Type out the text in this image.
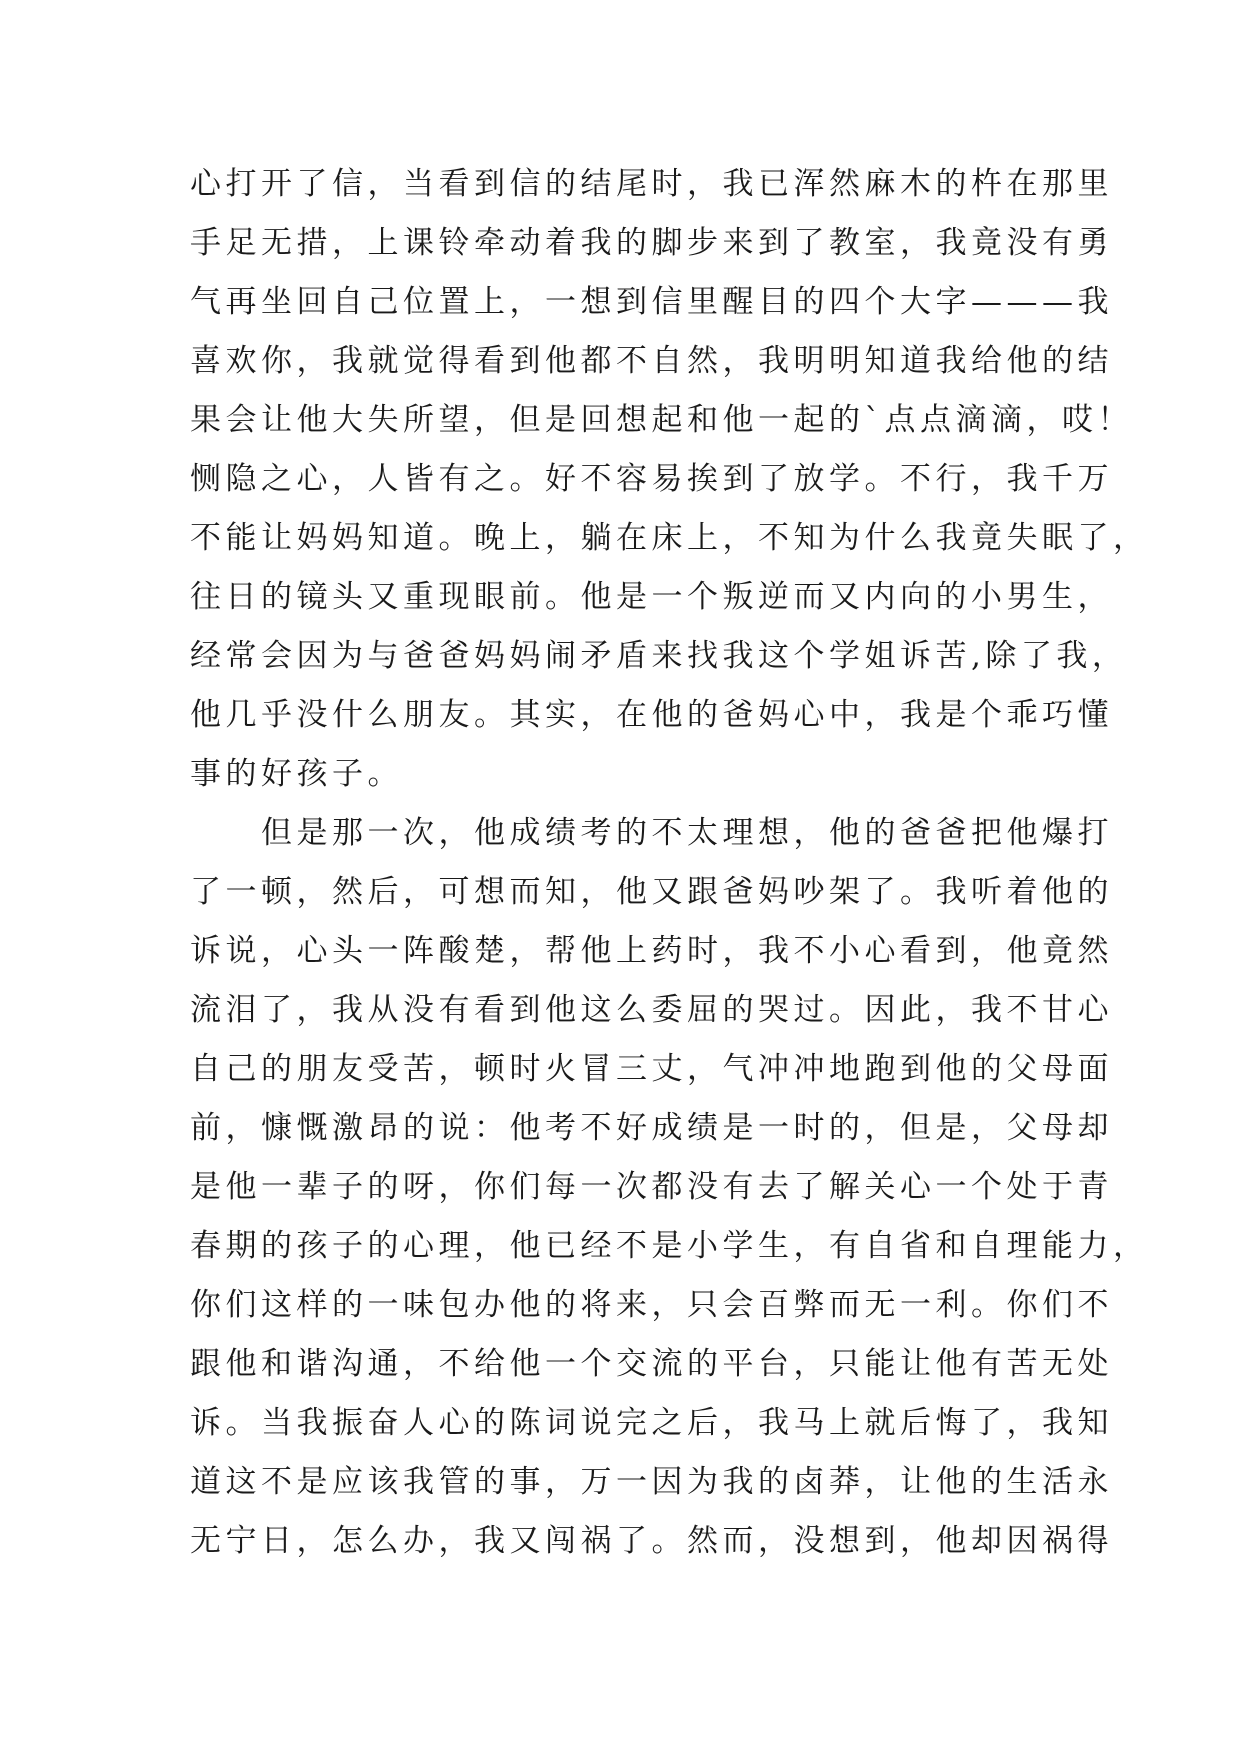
心打开了信，当看到信的结尾时，我已浑然麻木的杵在那里

手足无措，上课铃牵动着我的脚步来到了教室，我竟没有勇

气再坐回自己位置上，一想到信里醒目的四个大字———我

喜欢你，我就觉得看到他都不自然，我明明知道我给他的结

果会让他大失所望，但是回想起和他一起的`点点滴滴，哎！

恻隐之心，人皆有之。好不容易挨到了放学。不行，我千万

不能让妈妈知道。晚上，躺在床上，不知为什么我竟失眠了，

往日的镜头又重现眼前。他是一个叛逆而又内向的小男生，

经常会因为与爸爸妈妈闹矛盾来找我这个学姐诉苦,除了我，

他几乎没什么朋友。其实，在他的爸妈心中，我是个乖巧懂

事的好孩子。

　　但是那一次，他成绩考的不太理想，他的爸爸把他爆打

了一顿，然后，可想而知，他又跟爸妈吵架了。我听着他的

诉说，心头一阵酸楚，帮他上药时，我不小心看到，他竟然

流泪了，我从没有看到他这么委屈的哭过。因此，我不甘心

自己的朋友受苦，顿时火冒三丈，气冲冲地跑到他的父母面

前，慷慨激昂的说：他考不好成绩是一时的，但是，父母却

是他一辈子的呀，你们每一次都没有去了解关心一个处于青

春期的孩子的心理，他已经不是小学生，有自省和自理能力，

你们这样的一味包办他的将来，只会百弊而无一利。你们不

跟他和谐沟通，不给他一个交流的平台，只能让他有苦无处

诉。当我振奋人心的陈词说完之后，我马上就后悔了，我知

道这不是应该我管的事，万一因为我的卤莽，让他的生活永

无宁日，怎么办，我又闯祸了。然而，没想到，他却因祸得
